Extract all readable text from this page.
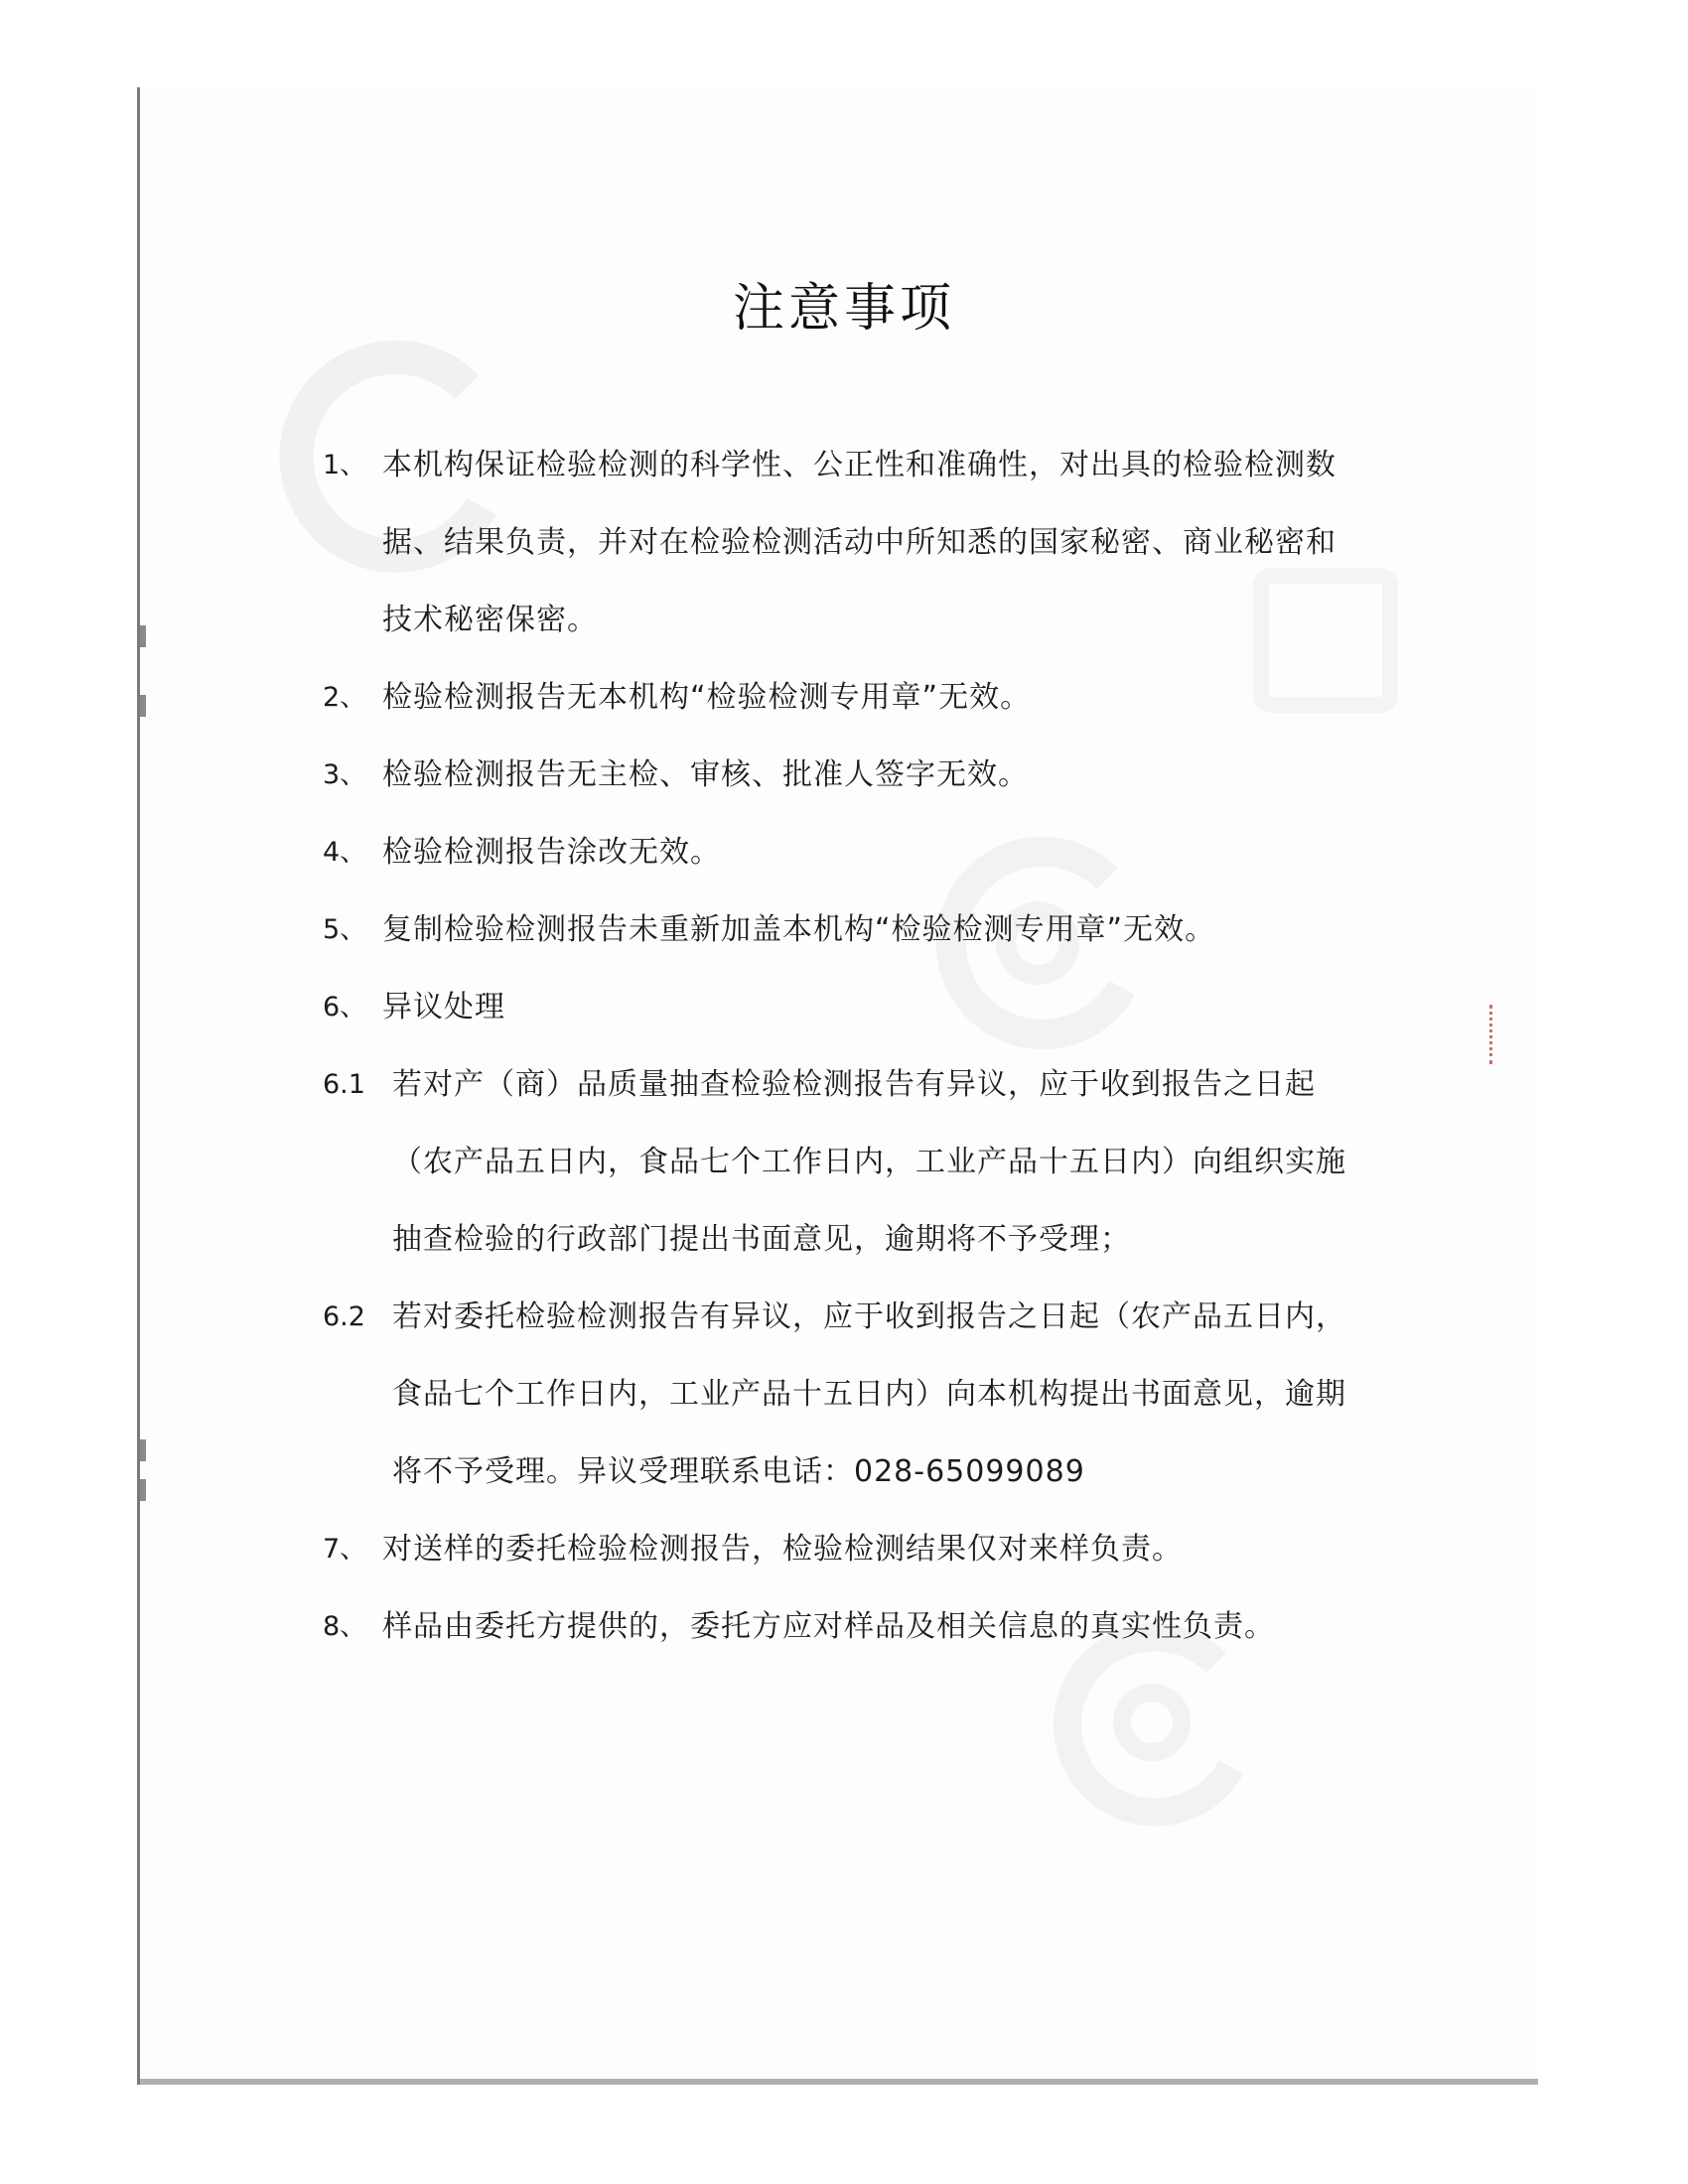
注意事项
1、 本机构保证检验检测的科学性、公正性和准确性，对出具的检验检测数据、结果负责，并对在检验检测活动中所知悉的国家秘密、商业秘密和技术秘密保密。
2、 检验检测报告无本机构“检验检测专用章”无效。
3、 检验检测报告无主检、审核、批准人签字无效。
4、 检验检测报告涂改无效。
5、 复制检验检测报告未重新加盖本机构“检验检测专用章”无效。
6、 异议处理
6.1 若对产（商）品质量抽查检验检测报告有异议，应于收到报告之日起（农产品五日内，食品七个工作日内，工业产品十五日内）向组织实施抽查检验的行政部门提出书面意见，逾期将不予受理；
6.2 若对委托检验检测报告有异议，应于收到报告之日起（农产品五日内，食品七个工作日内，工业产品十五日内）向本机构提出书面意见，逾期将不予受理。异议受理联系电话：028-65099089
7、 对送样的委托检验检测报告，检验检测结果仅对来样负责。
8、 样品由委托方提供的，委托方应对样品及相关信息的真实性负责。
